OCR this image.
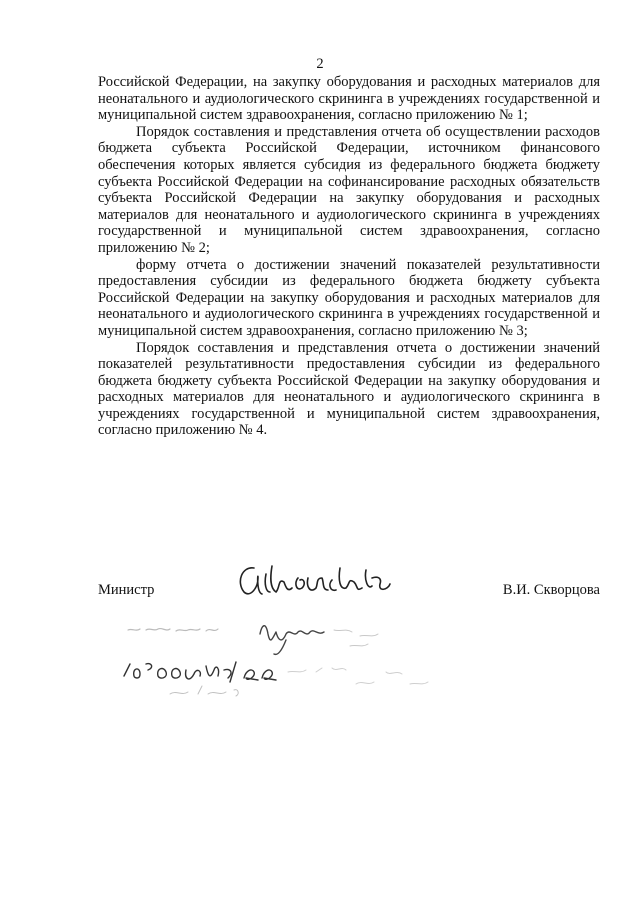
2

Российской Федерации, на закупку оборудования и расходных материалов для неонатального и аудиологического скрининга в учреждениях государственной и муниципальной систем здравоохранения, согласно приложению № 1;

Порядок составления и представления отчета об осуществлении расходов бюджета субъекта Российской Федерации, источником финансового обеспечения которых является субсидия из федерального бюджета бюджету субъекта Российской Федерации на софинансирование расходных обязательств субъекта Российской Федерации на закупку оборудования и расходных материалов для неонатального и аудиологического скрининга в учреждениях государственной и муниципальной систем здравоохранения, согласно приложению № 2;

форму отчета о достижении значений показателей результативности предоставления субсидии из федерального бюджета бюджету субъекта Российской Федерации на закупку оборудования и расходных материалов для неонатального и аудиологического скрининга в учреждениях государственной и муниципальной систем здравоохранения, согласно приложению № 3;

Порядок составления и представления отчета о достижении значений показателей результативности предоставления субсидии из федерального бюджета бюджету субъекта Российской Федерации на закупку оборудования и расходных материалов для неонатального и аудиологического скрининга в учреждениях государственной и муниципальной систем здравоохранения, согласно приложению № 4.

Министр	В.И. Скворцова
